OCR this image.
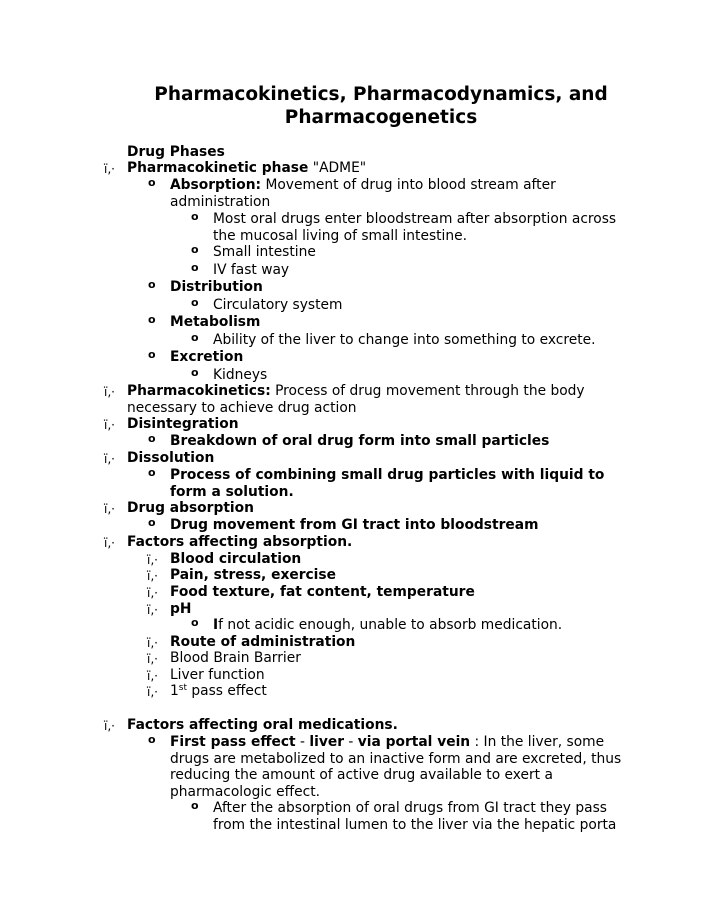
Pharmacokinetics, Pharmacodynamics, and Pharmacogenetics
Drug Phases
ï‚· Pharmacokinetic phase "ADME"
o Absorption: Movement of drug into blood stream after
administration
o Most oral drugs enter bloodstream after absorption across
the mucosal living of small intestine.
o Small intestine
o IV fast way
o Distribution
o Circulatory system
o Metabolism
o Ability of the liver to change into something to excrete.
o Excretion
o Kidneys
ï‚· Pharmacokinetics: Process of drug movement through the body
necessary to achieve drug action
ï‚· Disintegration
o Breakdown of oral drug form into small particles
ï‚· Dissolution
o Process of combining small drug particles with liquid to
form a solution.
ï‚· Drug absorption
o Drug movement from GI tract into bloodstream
ï‚· Factors affecting absorption.
ï‚· Blood circulation
ï‚· Pain, stress, exercise
ï‚· Food texture, fat content, temperature
ï‚· pH
o If not acidic enough, unable to absorb medication.
ï‚· Route of administration
ï‚· Blood Brain Barrier
ï‚· Liver function
ï‚· 1st pass effect
ï‚· Factors affecting oral medications.
o First pass effect - liver - via portal vein : In the liver, some
drugs are metabolized to an inactive form and are excreted, thus
reducing the amount of active drug available to exert a
pharmacologic effect.
o After the absorption of oral drugs from GI tract they pass
from the intestinal lumen to the liver via the hepatic porta
